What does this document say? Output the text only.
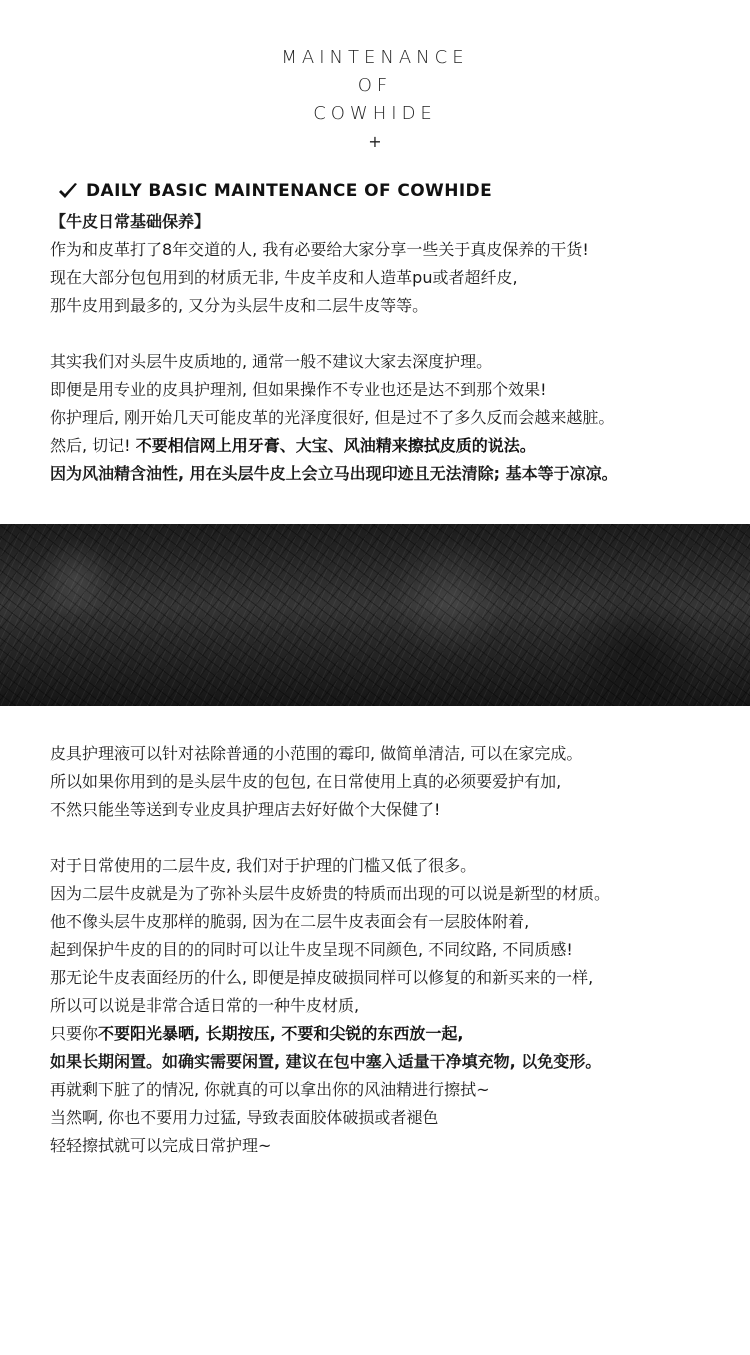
MAINTENANCE
OF
COWHIDE
+
DAILY BASIC MAINTENANCE OF COWHIDE
【牛皮日常基础保养】
作为和皮革打了8年交道的人, 我有必要给大家分享一些关于真皮保养的干货!
现在大部分包包用到的材质无非, 牛皮羊皮和人造革pu或者超纤皮,
那牛皮用到最多的, 又分为头层牛皮和二层牛皮等等。
其实我们对头层牛皮质地的, 通常一般不建议大家去深度护理。
即便是用专业的皮具护理剂, 但如果操作不专业也还是达不到那个效果!
你护理后, 刚开始几天可能皮革的光泽度很好, 但是过不了多久反而会越来越脏。
然后, 切记! 不要相信网上用牙膏、大宝、风油精来擦拭皮质的说法。
因为风油精含油性, 用在头层牛皮上会立马出现印迹且无法清除; 基本等于凉凉。
皮具护理液可以针对祛除普通的小范围的霉印, 做简单清洁, 可以在家完成。
所以如果你用到的是头层牛皮的包包, 在日常使用上真的必须要爱护有加,
不然只能坐等送到专业皮具护理店去好好做个大保健了!
对于日常使用的二层牛皮, 我们对于护理的门槛又低了很多。
因为二层牛皮就是为了弥补头层牛皮娇贵的特质而出现的可以说是新型的材质。
他不像头层牛皮那样的脆弱, 因为在二层牛皮表面会有一层胶体附着,
起到保护牛皮的目的的同时可以让牛皮呈现不同颜色, 不同纹路, 不同质感!
那无论牛皮表面经历的什么, 即便是掉皮破损同样可以修复的和新买来的一样,
所以可以说是非常合适日常的一种牛皮材质,
只要你不要阳光暴晒, 长期按压, 不要和尖锐的东西放一起,
如果长期闲置。如确实需要闲置, 建议在包中塞入适量干净填充物, 以免变形。
再就剩下脏了的情况, 你就真的可以拿出你的风油精进行擦拭~
当然啊, 你也不要用力过猛, 导致表面胶体破损或者褪色
轻轻擦拭就可以完成日常护理~
